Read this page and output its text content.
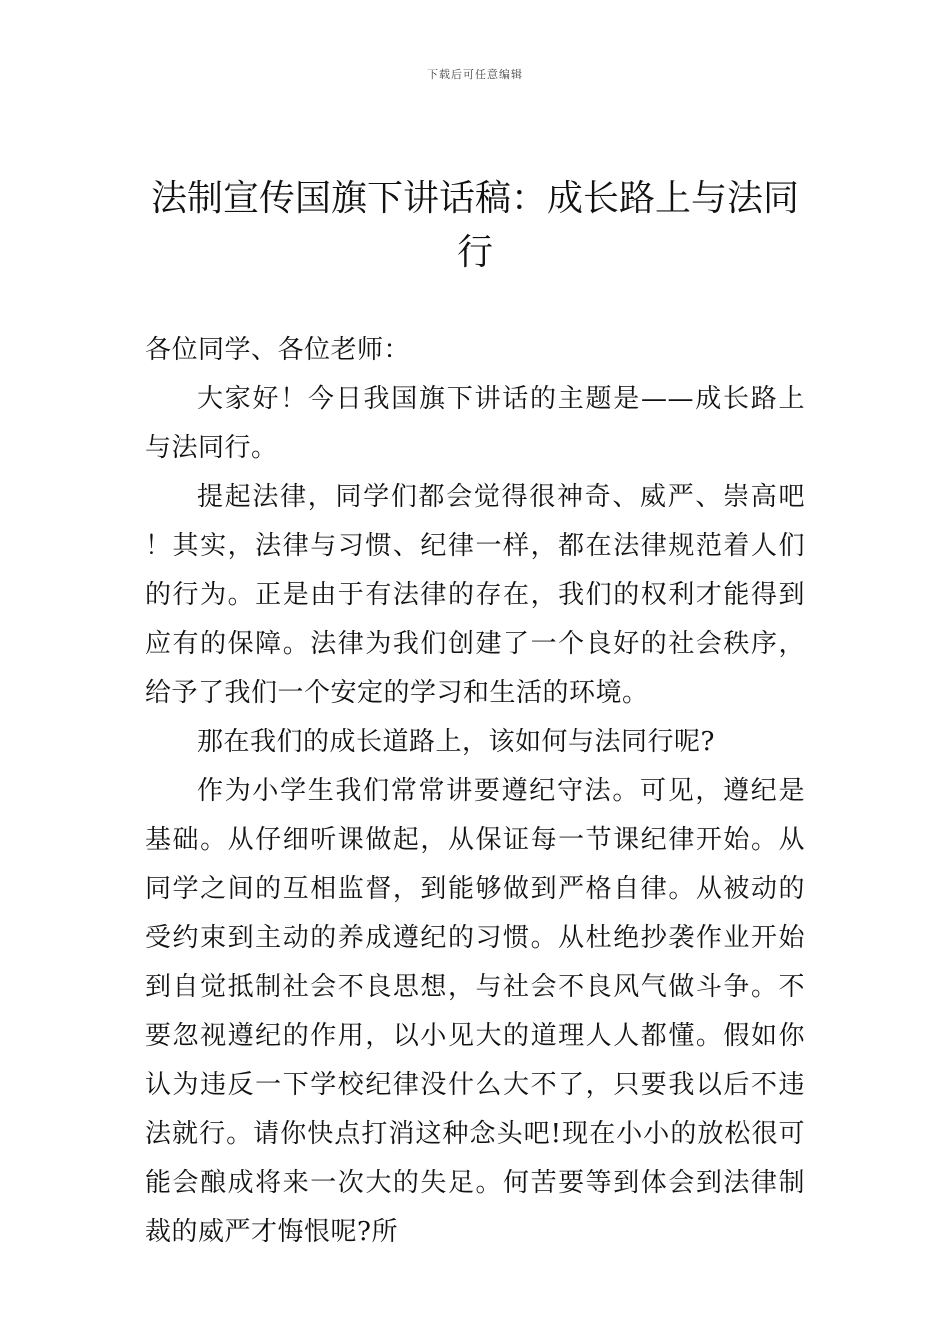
下载后可任意编辑
法制宣传国旗下讲话稿：成长路上与法同行

各位同学、各位老师：

大家好！今日我国旗下讲话的主题是——成长路上与法同行。

提起法律，同学们都会觉得很神奇、威严、崇高吧 ！其实，法律与习惯、纪律一样，都在法律规范着人们的行为。正是由于有法律的存在，我们的权利才能得到应有的保障。法律为我们创建了一个良好的社会秩序，给予了我们一个安定的学习和生活的环境。

那在我们的成长道路上，该如何与法同行呢?

作为小学生我们常常讲要遵纪守法。可见，遵纪是基础。从仔细听课做起，从保证每一节课纪律开始。从同学之间的互相监督，到能够做到严格自律。从被动的受约束到主动的养成遵纪的习惯。从杜绝抄袭作业开始到自觉抵制社会不良思想，与社会不良风气做斗争。不要忽视遵纪的作用，以小见大的道理人人都懂。假如你认为违反一下学校纪律没什么大不了，只要我以后不违法就行。请你快点打消这种念头吧!现在小小的放松很可能会酿成将来一次大的失足。何苦要等到体会到法律制裁的威严才悔恨呢?所
